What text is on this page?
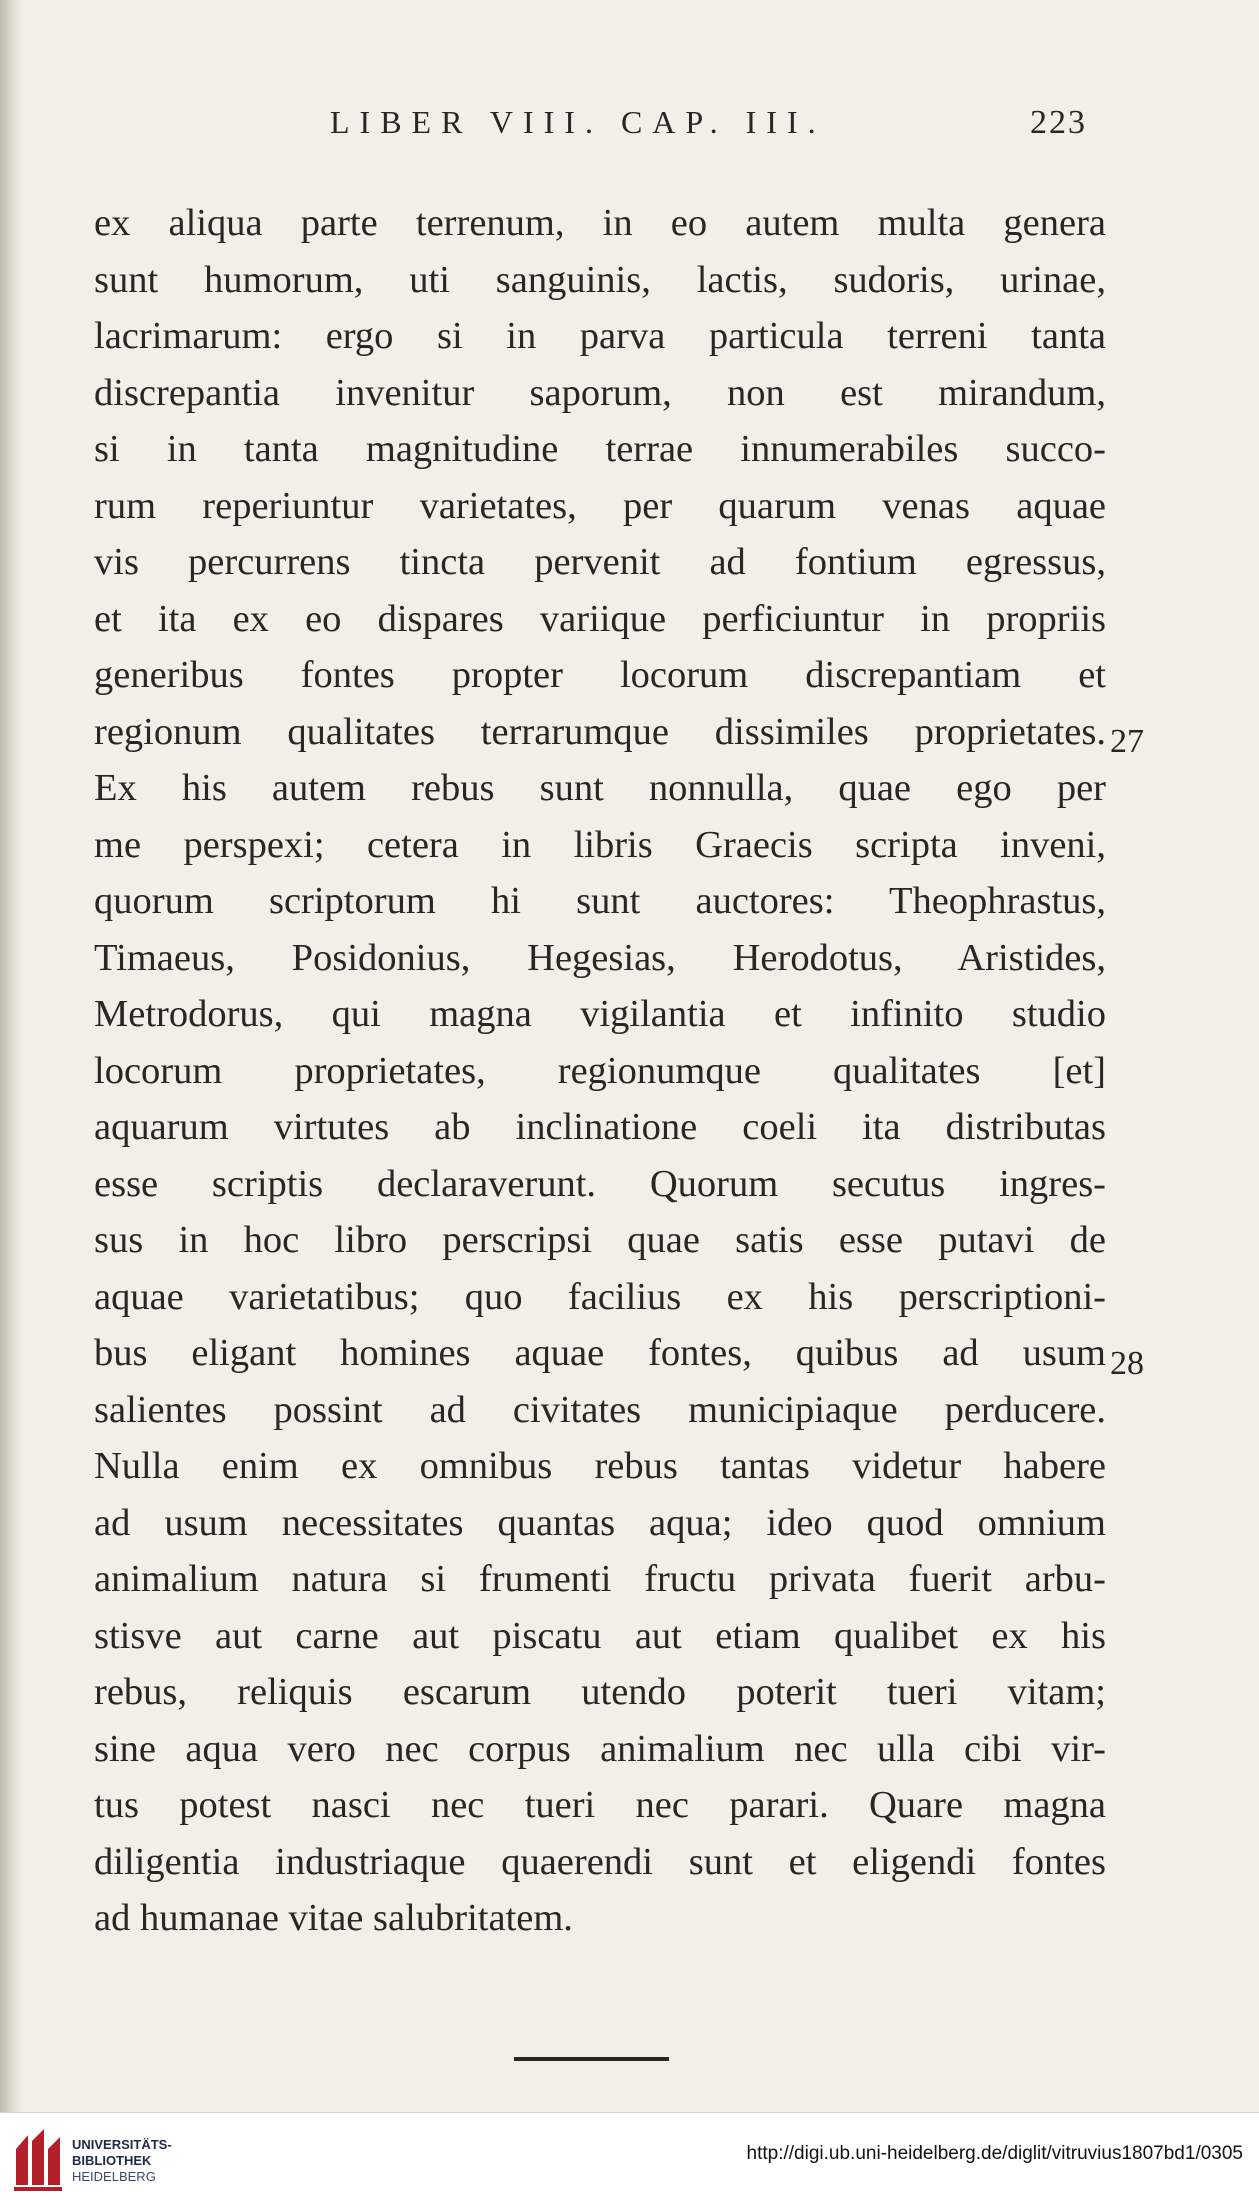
LIBER VIII. CAP. III.	223
ex aliqua parte terrenum, in eo autem multa genera
sunt humorum, uti sanguinis, lactis, sudoris, urinae,
lacrimarum: ergo si in parva particula terreni tanta
discrepantia invenitur saporum, non est mirandum,
si in tanta magnitudine terrae innumerabiles succo-
rum reperiuntur varietates, per quarum venas aquae
vis percurrens tincta pervenit ad fontium egressus,
et ita ex eo dispares variique perficiuntur in propriis
generibus fontes propter locorum discrepantiam et
regionum qualitates terrarumque dissimiles proprietates.
Ex his autem rebus sunt nonnulla, quae ego per
me perspexi; cetera in libris Graecis scripta inveni,
quorum scriptorum hi sunt auctores: Theophrastus,
Timaeus, Posidonius, Hegesias, Herodotus, Aristides,
Metrodorus, qui magna vigilantia et infinito studio
locorum proprietates, regionumque qualitates [et]
aquarum virtutes ab inclinatione coeli ita distributas
esse scriptis declaraverunt. Quorum secutus ingres-
sus in hoc libro perscripsi quae satis esse putavi de
aquae varietatibus; quo facilius ex his perscriptioni-
bus eligant homines aquae fontes, quibus ad usum
salientes possint ad civitates municipiaque perducere.
Nulla enim ex omnibus rebus tantas videtur habere
ad usum necessitates quantas aqua; ideo quod omnium
animalium natura si frumenti fructu privata fuerit arbu-
stisve aut carne aut piscatu aut etiam qualibet ex his
rebus, reliquis escarum utendo poterit tueri vitam;
sine aqua vero nec corpus animalium nec ulla cibi vir-
tus potest nasci nec tueri nec parari. Quare magna
diligentia industriaque quaerendi sunt et eligendi fontes
ad humanae vitae salubritatem.
27
28
UNIVERSITÄTS-
BIBLIOTHEK
HEIDELBERG
http://digi.ub.uni-heidelberg.de/diglit/vitruvius1807bd1/0305
